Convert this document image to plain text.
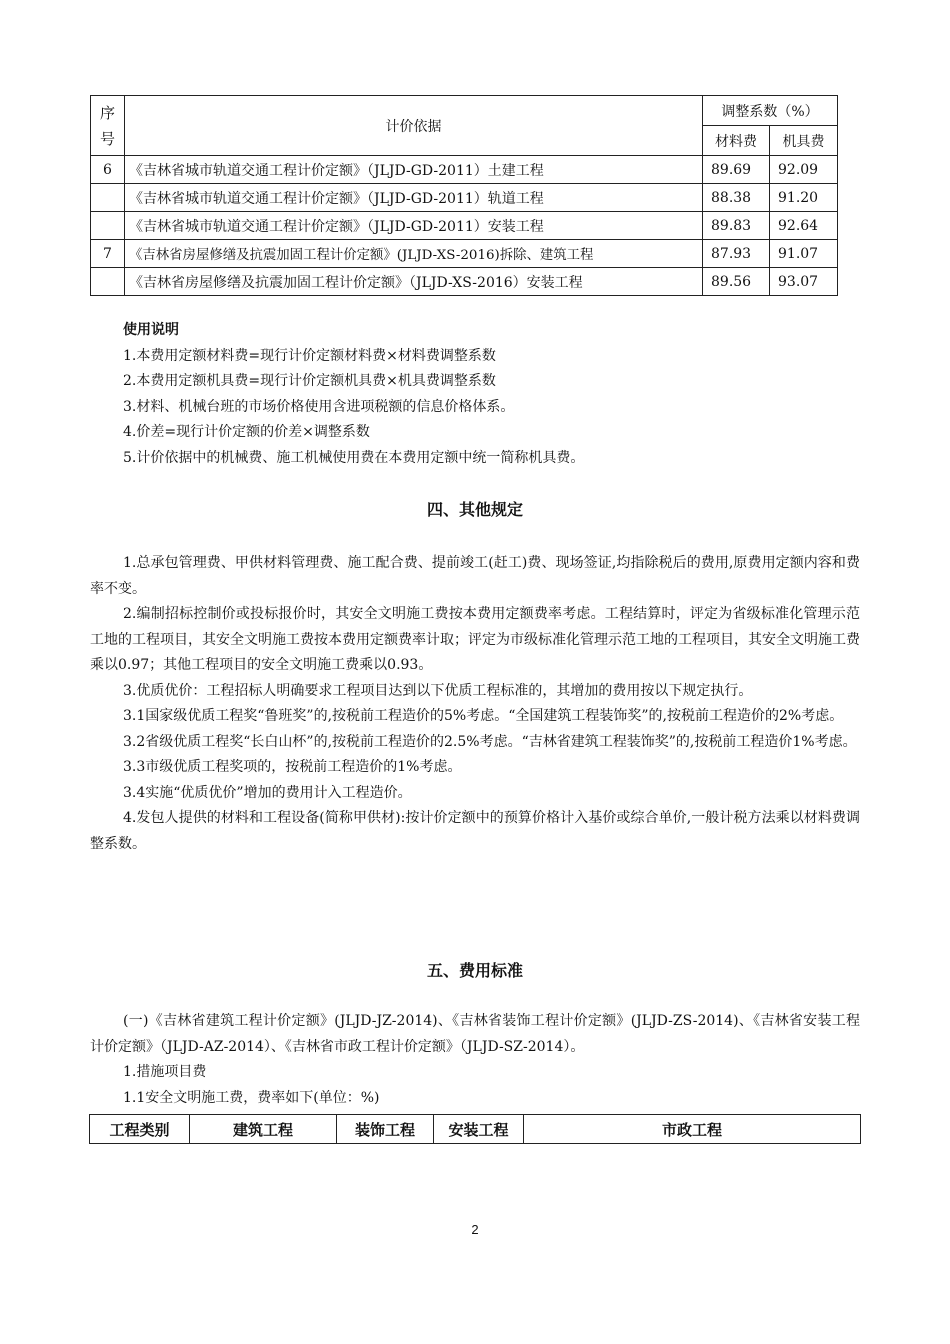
序
号	计价依据	调整系数（%）	
		材料费	机具费
6	《吉林省城市轨道交通工程计价定额》（JLJD-GD-2011）土建工程	89.69	92.09
	《吉林省城市轨道交通工程计价定额》（JLJD-GD-2011）轨道工程	88.38	91.20
	《吉林省城市轨道交通工程计价定额》（JLJD-GD-2011）安装工程	89.83	92.64
7	《吉林省房屋修缮及抗震加固工程计价定额》(JLJD-XS-2016)拆除、建筑工程	87.93	91.07
	《吉林省房屋修缮及抗震加固工程计价定额》（JLJD-XS-2016）安装工程	89.56	93.07
使用说明
1.本费用定额材料费=现行计价定额材料费×材料费调整系数
2.本费用定额机具费=现行计价定额机具费×机具费调整系数
3.材料、机械台班的市场价格使用含进项税额的信息价格体系。
4.价差=现行计价定额的价差×调整系数
5.计价依据中的机械费、施工机械使用费在本费用定额中统一简称机具费。
四、其他规定

1.总承包管理费、甲供材料管理费、施工配合费、提前竣工(赶工)费、现场签证,均指除税后的费用,原费用定额内容和费率不变。

2.编制招标控制价或投标报价时，其安全文明施工费按本费用定额费率考虑。工程结算时，评定为省级标准化管理示范工地的工程项目，其安全文明施工费按本费用定额费率计取；评定为市级标准化管理示范工地的工程项目，其安全文明施工费乘以0.97；其他工程项目的安全文明施工费乘以0.93。

3.优质优价：工程招标人明确要求工程项目达到以下优质工程标准的，其增加的费用按以下规定执行。

3.1国家级优质工程奖“鲁班奖”的,按税前工程造价的5%考虑。“全国建筑工程装饰奖”的,按税前工程造价的2%考虑。

3.2省级优质工程奖“长白山杯”的,按税前工程造价的2.5%考虑。“吉林省建筑工程装饰奖”的,按税前工程造价1%考虑。

3.3市级优质工程奖项的，按税前工程造价的1%考虑。

3.4实施“优质优价”增加的费用计入工程造价。

4.发包人提供的材料和工程设备(简称甲供材):按计价定额中的预算价格计入基价或综合单价,一般计税方法乘以材料费调整系数。

五、费用标准

(一)《吉林省建筑工程计价定额》(JLJD-JZ-2014)、《吉林省装饰工程计价定额》(JLJD-ZS-2014)、《吉林省安装工程计价定额》（JLJD-AZ-2014）、《吉林省市政工程计价定额》（JLJD-SZ-2014）。

1.措施项目费

1.1安全文明施工费，费率如下(单位：%)

工程类别	建筑工程	装饰工程	安装工程	市政工程
2
